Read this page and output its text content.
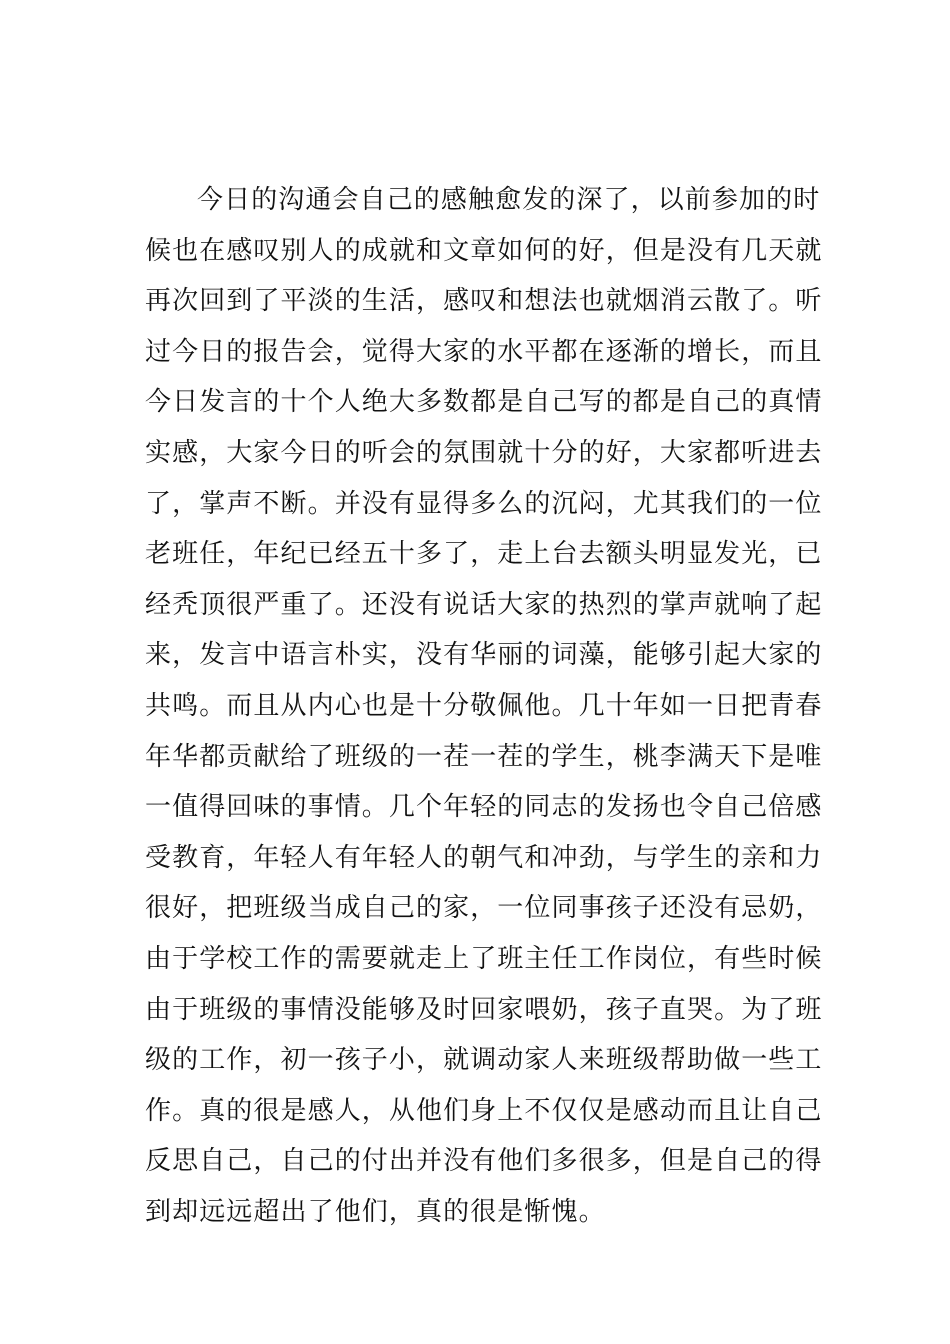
今日的沟通会自己的感触愈发的深了，以前参加的时
候也在感叹别人的成就和文章如何的好，但是没有几天就
再次回到了平淡的生活，感叹和想法也就烟消云散了。听
过今日的报告会，觉得大家的水平都在逐渐的增长，而且
今日发言的十个人绝大多数都是自己写的都是自己的真情
实感，大家今日的听会的氛围就十分的好，大家都听进去
了，掌声不断。并没有显得多么的沉闷，尤其我们的一位
老班任，年纪已经五十多了，走上台去额头明显发光，已
经秃顶很严重了。还没有说话大家的热烈的掌声就响了起
来，发言中语言朴实，没有华丽的词藻，能够引起大家的
共鸣。而且从内心也是十分敬佩他。几十年如一日把青春
年华都贡献给了班级的一茬一茬的学生，桃李满天下是唯
一值得回味的事情。几个年轻的同志的发扬也令自己倍感
受教育，年轻人有年轻人的朝气和冲劲，与学生的亲和力
很好，把班级当成自己的家，一位同事孩子还没有忌奶，
由于学校工作的需要就走上了班主任工作岗位，有些时候
由于班级的事情没能够及时回家喂奶，孩子直哭。为了班
级的工作，初一孩子小，就调动家人来班级帮助做一些工
作。真的很是感人，从他们身上不仅仅是感动而且让自己
反思自己，自己的付出并没有他们多很多，但是自己的得
到却远远超出了他们，真的很是惭愧。
